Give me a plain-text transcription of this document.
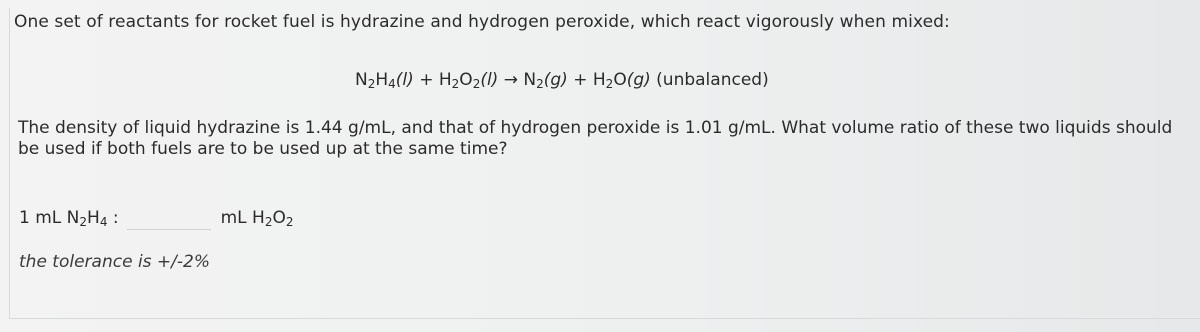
One set of reactants for rocket fuel is hydrazine and hydrogen peroxide, which react vigorously when mixed:
$N_2H_4(l) + H_2O_2(l) \to N_2(g) + H_2O(g)$ (unbalanced)
The density of liquid hydrazine is 1.44 g/mL, and that of hydrogen peroxide is 1.01 g/mL. What volume ratio of these two liquids should be used if both fuels are to be used up at the same time?
1 mL $N_2H_4$ :	mL $H_2O_2$
the tolerance is +/-2%
